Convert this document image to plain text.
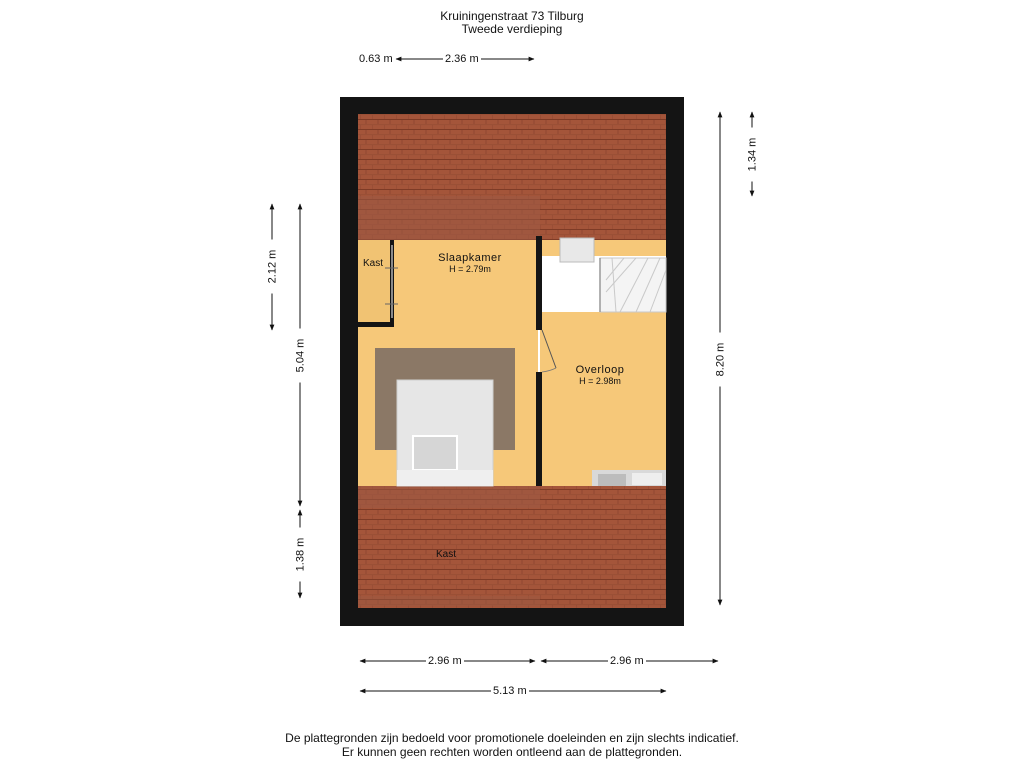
Kruiningenstraat 73 Tilburg
Tweede verdieping
Slaapkamer
H = 2.79m
Overloop
H = 2.98m
Kast
Kast
0.63 m	2.36 m
2.96 m	2.96 m
5.13 m
1.34 m
8.20 m
2.12 m
5.04 m
1.38 m
De plattegronden zijn bedoeld voor promotionele doeleinden en zijn slechts indicatief.
Er kunnen geen rechten worden ontleend aan de plattegronden.
